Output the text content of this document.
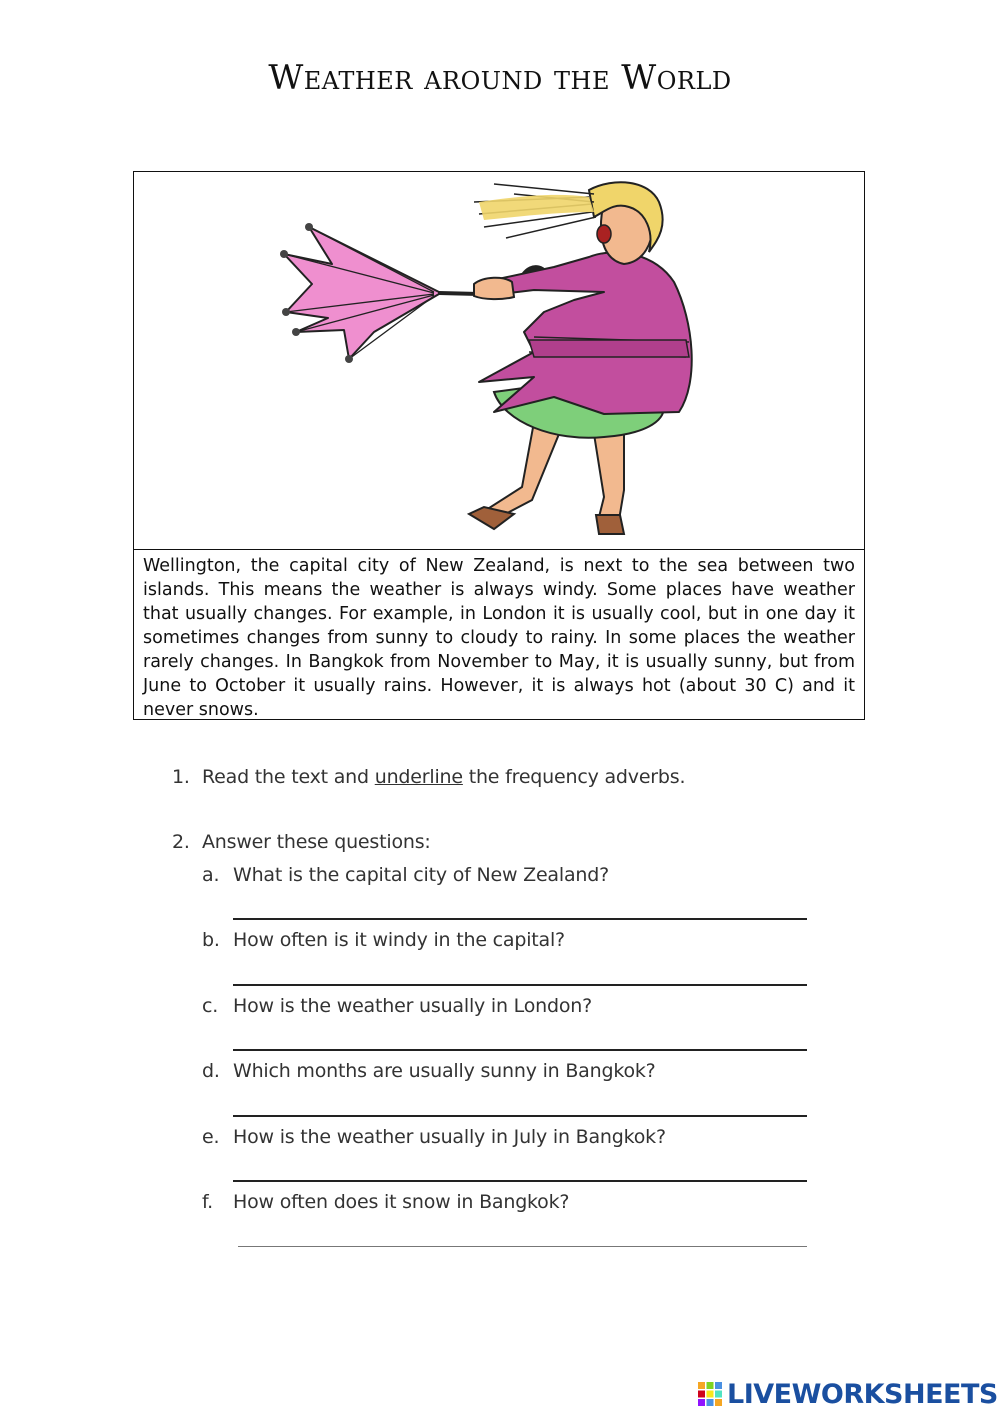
Weather around the World

Wellington, the capital city of New Zealand, is next to the sea between two islands. This means the weather is always windy. Some places have weather that usually changes. For example, in London it is usually cool, but in one day it sometimes changes from sunny to cloudy to rainy. In some places the weather rarely changes. In Bangkok from November to May, it is usually sunny, but from June to October it usually rains. However, it is always hot (about 30 C) and it never snows.

1. Read the text and underline the frequency adverbs.
2. Answer these questions:
a. What is the capital city of New Zealand?
b. How often is it windy in the capital?
c. How is the weather usually in London?
d. Which months are usually sunny in Bangkok?
e. How is the weather usually in July in Bangkok?
f. How often does it snow in Bangkok?
LIVEWORKSHEETS
